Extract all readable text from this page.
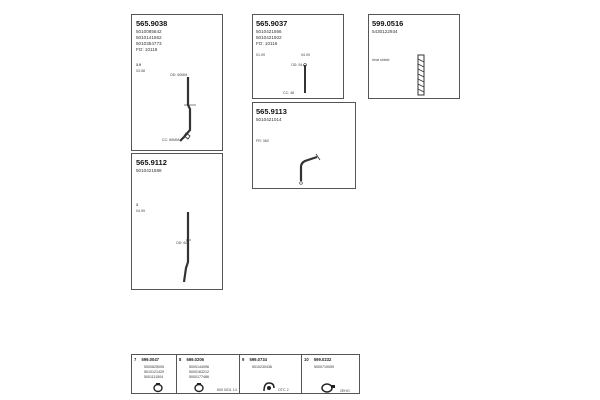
565.9038
5010085642
5010141562
5010354773
FO: 10118
3.9
03.58
OD: 60MM
CC: 89MM
565.9037
5010421566
5010421502
FO: 10116
01.09	04.09
OD: 54
CC: 48
599.0516
5430122934
heat shield
565.9113
5010421014
FR: 360
565.9112
5010421588
3
04.99
OD: 60
7 599.0047
5000825005
5010121429
5001111504
8 669.0206
5000144096
5000163212
5000177486
600 0011 14
9 599.0734
5010230436
OTC 2
10 599.0232
5000719059
2EHG
